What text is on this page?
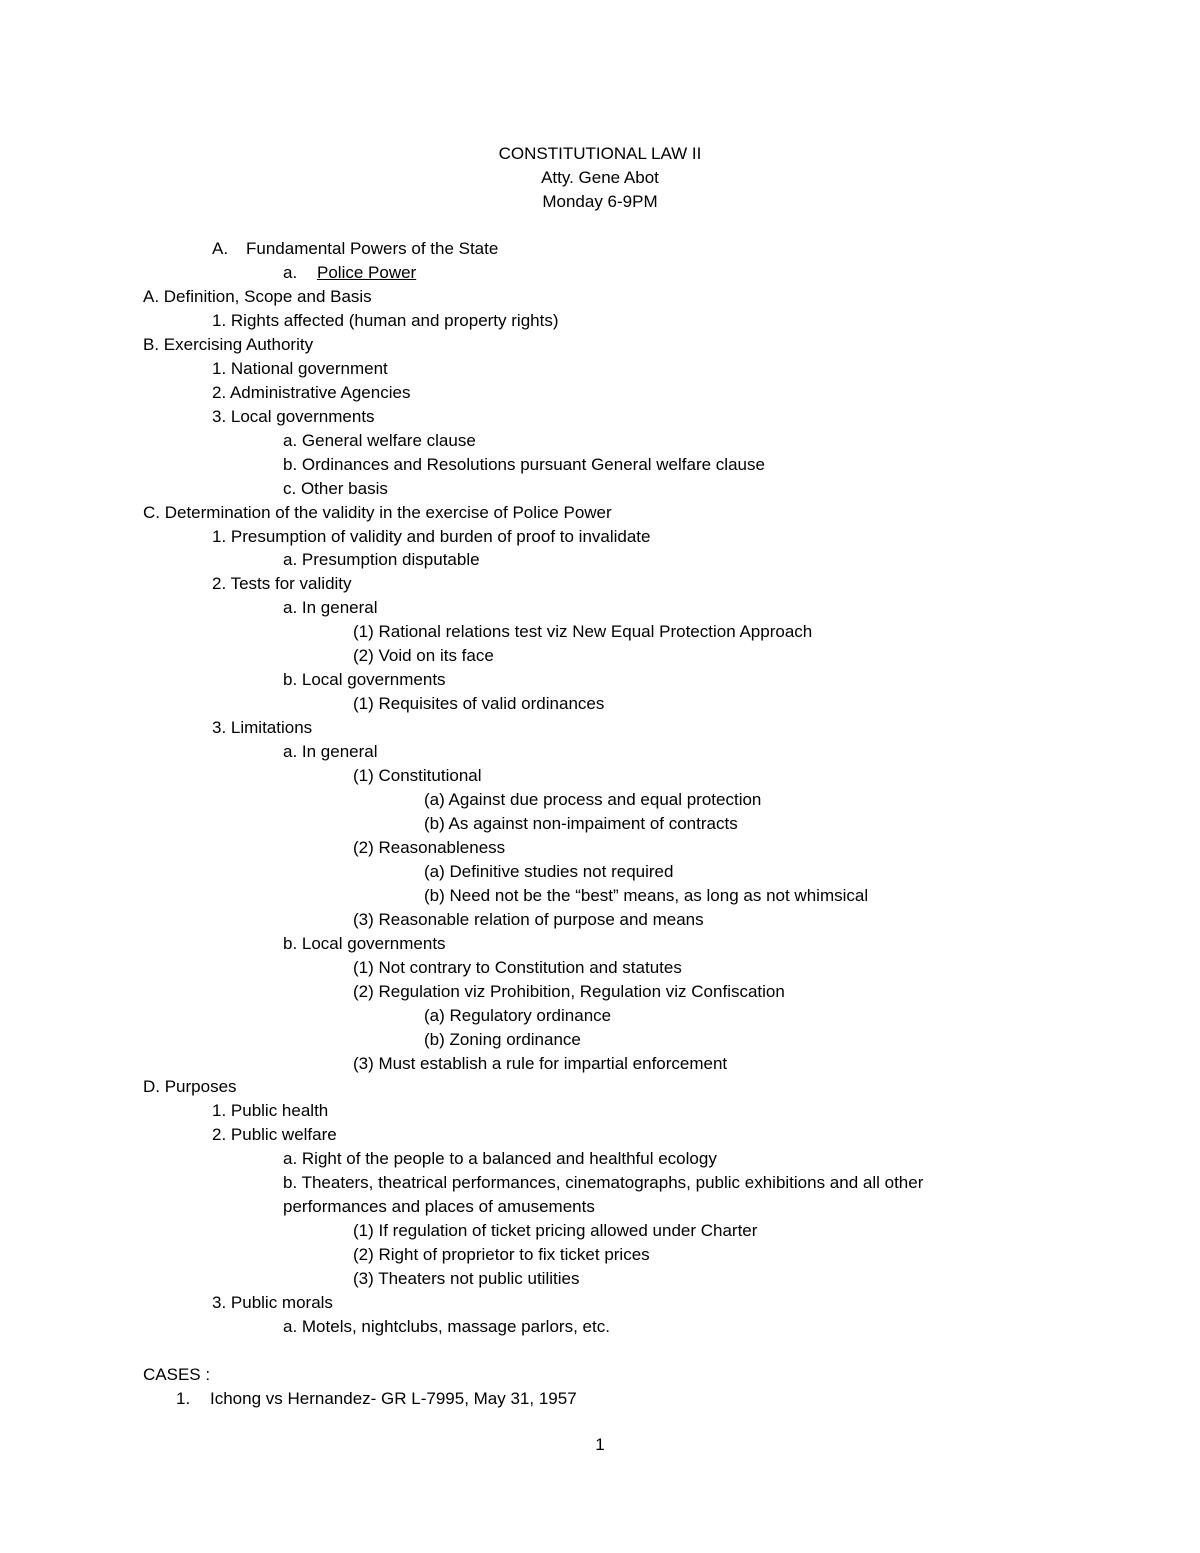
CONSTITUTIONAL LAW II
Atty. Gene Abot
Monday 6-9PM
A. Fundamental Powers of the State
a. Police Power
A. Definition, Scope and Basis
1. Rights affected (human and property rights)
B. Exercising Authority
1. National government
2. Administrative Agencies
3. Local governments
a. General welfare clause
b. Ordinances and Resolutions pursuant General welfare clause
c. Other basis
C. Determination of the validity in the exercise of Police Power
1. Presumption of validity and burden of proof to invalidate
a. Presumption disputable
2. Tests for validity
a. In general
(1) Rational relations test viz New Equal Protection Approach
(2) Void on its face
b. Local governments
(1) Requisites of valid ordinances
3. Limitations
a. In general
(1) Constitutional
(a) Against due process and equal protection
(b) As against non-impaiment of contracts
(2) Reasonableness
(a) Definitive studies not required
(b) Need not be the “best” means, as long as not whimsical
(3) Reasonable relation of purpose and means
b. Local governments
(1) Not contrary to Constitution and statutes
(2) Regulation viz Prohibition, Regulation viz Confiscation
(a) Regulatory ordinance
(b) Zoning ordinance
(3) Must establish a rule for impartial enforcement
D. Purposes
1. Public health
2. Public welfare
a. Right of the people to a balanced and healthful ecology
b. Theaters, theatrical performances, cinematographs, public exhibitions and all other
performances and places of amusements
(1) If regulation of ticket pricing allowed under Charter
(2) Right of proprietor to fix ticket prices
(3) Theaters not public utilities
3. Public morals
a. Motels, nightclubs, massage parlors, etc.
CASES :
1. Ichong vs Hernandez- GR L-7995, May 31, 1957
1
